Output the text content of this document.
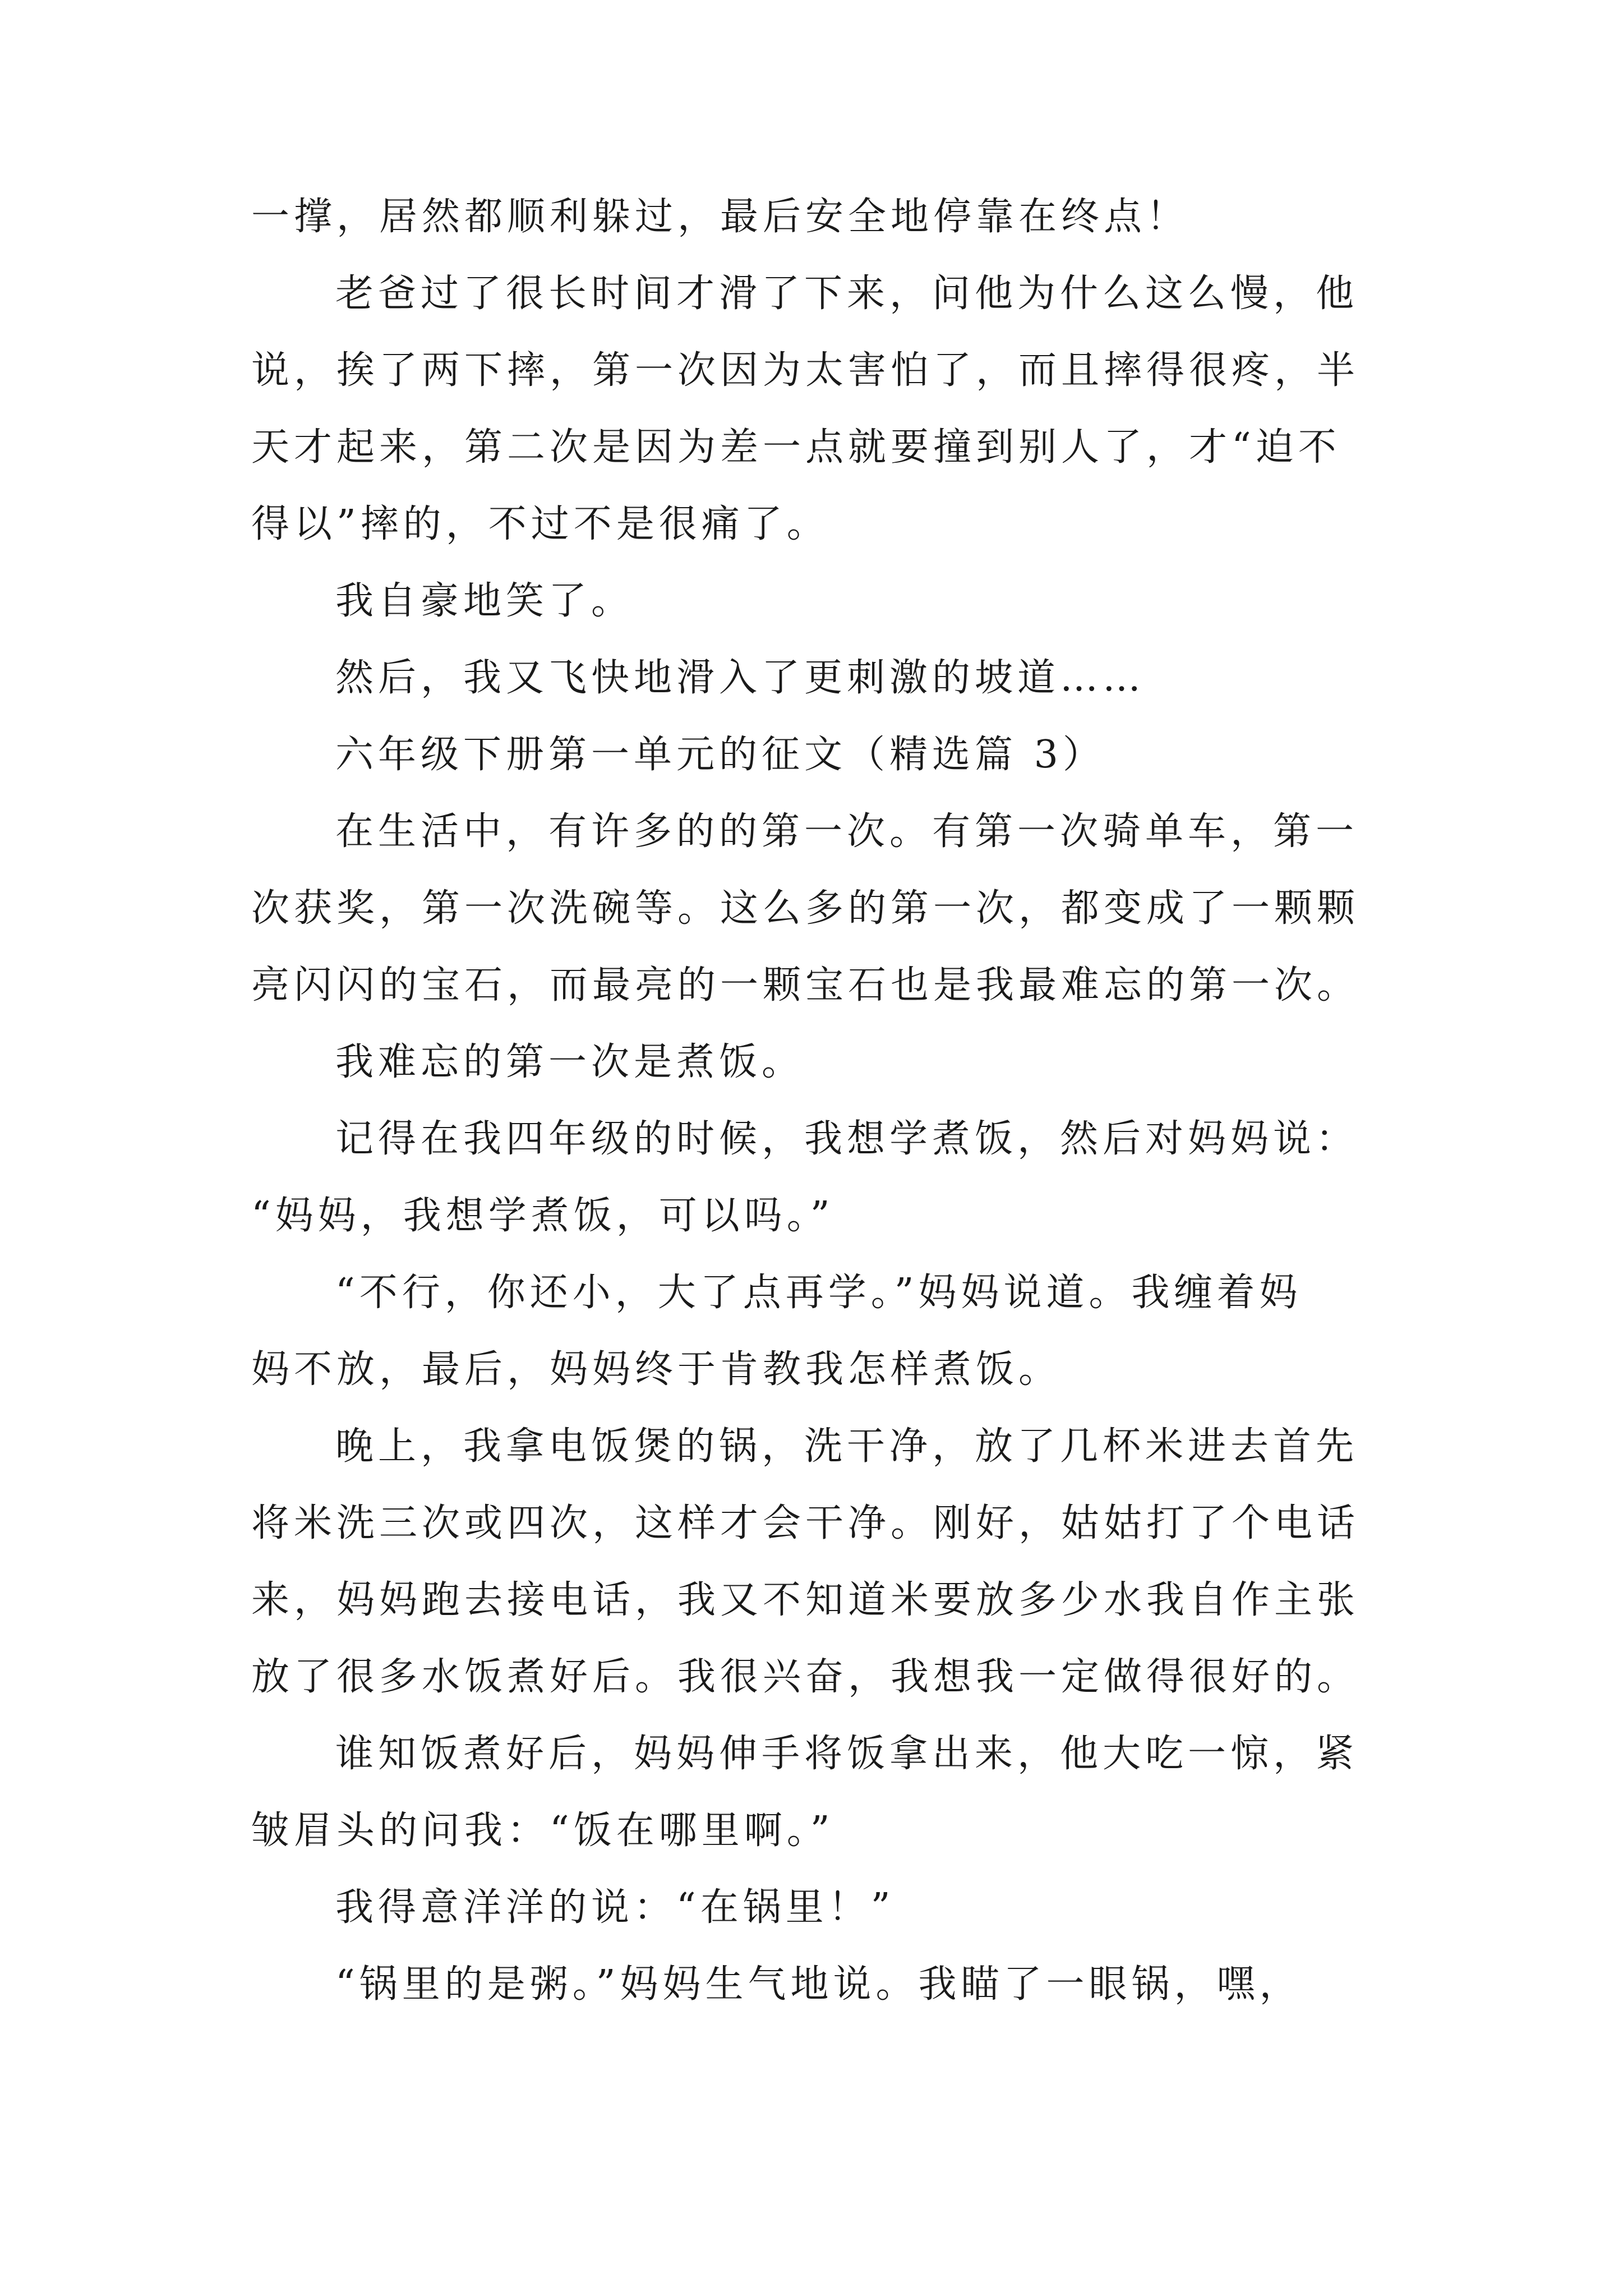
一撑，居然都顺利躲过，最后安全地停靠在终点！
老爸过了很长时间才滑了下来，问他为什么这么慢，他
说，挨了两下摔，第一次因为太害怕了，而且摔得很疼，半
天才起来，第二次是因为差一点就要撞到别人了，才“迫不
得以”摔的，不过不是很痛了。
我自豪地笑了。
然后，我又飞快地滑入了更刺激的坡道……
六年级下册第一单元的征文（精选篇 3）
在生活中，有许多的的第一次。有第一次骑单车，第一
次获奖，第一次洗碗等。这么多的第一次，都变成了一颗颗
亮闪闪的宝石，而最亮的一颗宝石也是我最难忘的第一次。
我难忘的第一次是煮饭。
记得在我四年级的时候，我想学煮饭，然后对妈妈说：
“妈妈，我想学煮饭，可以吗。”
“不行，你还小，大了点再学。”妈妈说道。我缠着妈
妈不放，最后，妈妈终于肯教我怎样煮饭。
晚上，我拿电饭煲的锅，洗干净，放了几杯米进去首先
将米洗三次或四次，这样才会干净。刚好，姑姑打了个电话
来，妈妈跑去接电话，我又不知道米要放多少水我自作主张
放了很多水饭煮好后。我很兴奋，我想我一定做得很好的。
谁知饭煮好后，妈妈伸手将饭拿出来，他大吃一惊，紧
皱眉头的问我：“饭在哪里啊。”
我得意洋洋的说：“在锅里！”
“锅里的是粥。”妈妈生气地说。我瞄了一眼锅，嘿，
